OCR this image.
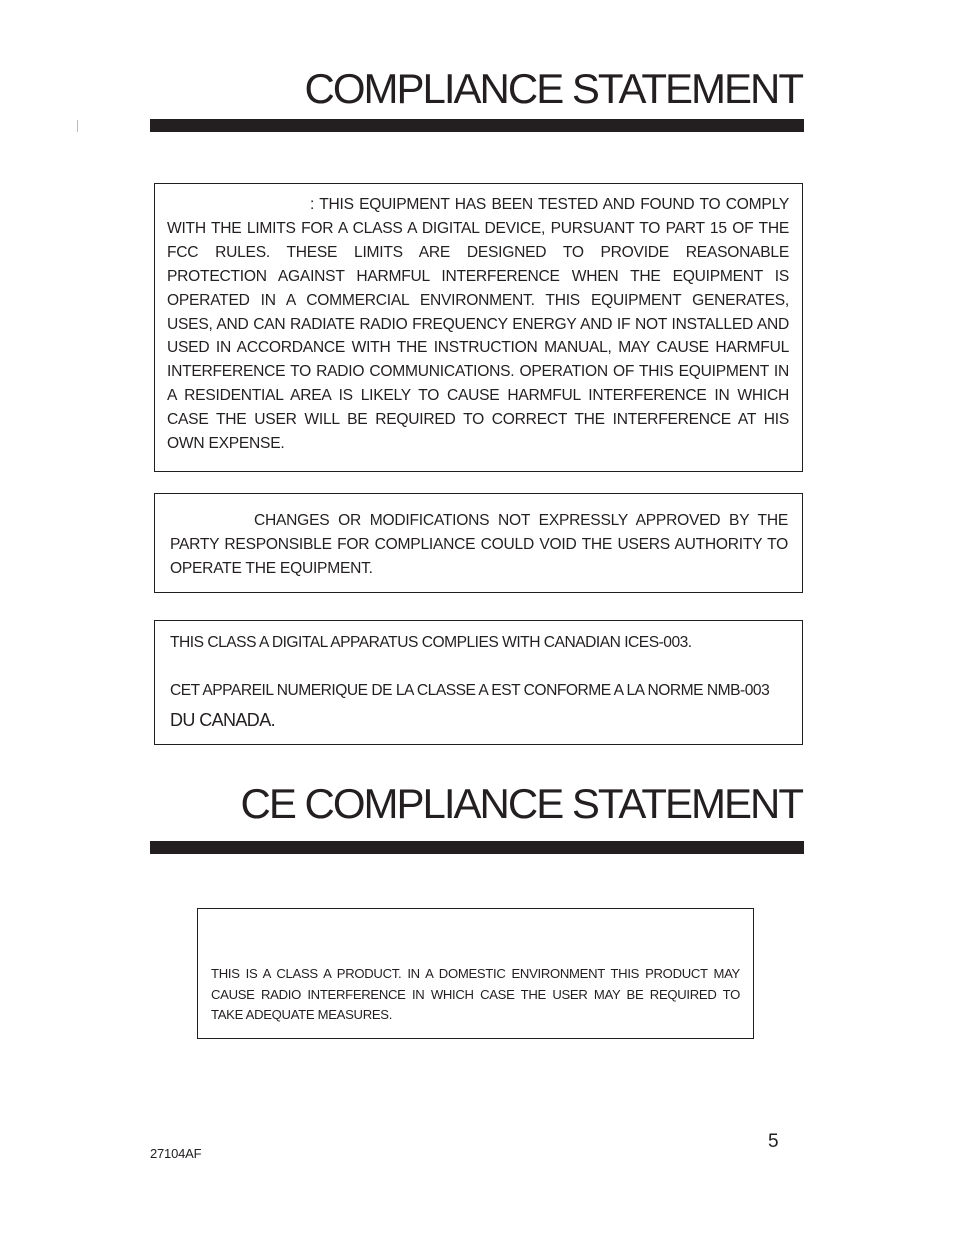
COMPLIANCE STATEMENT

: THIS EQUIPMENT HAS BEEN TESTED AND FOUND TO COMPLY WITH THE LIMITS FOR A CLASS A DIGITAL DEVICE, PURSUANT TO PART 15 OF THE FCC RULES. THESE LIMITS ARE DESIGNED TO PROVIDE REASONABLE PROTECTION AGAINST HARMFUL INTERFERENCE WHEN THE EQUIPMENT IS OPERATED IN A COMMERCIAL ENVIRONMENT. THIS EQUIPMENT GENERATES, USES, AND CAN RADIATE RADIO FREQUENCY ENERGY AND IF NOT INSTALLED AND USED IN ACCORDANCE WITH THE INSTRUCTION MANUAL, MAY CAUSE HARMFUL INTERFERENCE TO RADIO COMMUNICATIONS. OPERATION OF THIS EQUIPMENT IN A RESIDENTIAL AREA IS LIKELY TO CAUSE HARMFUL INTERFERENCE IN WHICH CASE THE USER WILL BE REQUIRED TO CORRECT THE INTERFERENCE AT HIS OWN EXPENSE.

CHANGES OR MODIFICATIONS NOT EXPRESSLY APPROVED BY THE PARTY RESPONSIBLE FOR COMPLIANCE COULD VOID THE USERS AUTHORITY TO OPERATE THE EQUIPMENT.

THIS CLASS A DIGITAL APPARATUS COMPLIES WITH CANADIAN ICES-003.

CET APPAREIL NUMERIQUE DE LA CLASSE A EST CONFORME A LA NORME NMB-003

DU CANADA.

CE COMPLIANCE STATEMENT

THIS IS A CLASS A PRODUCT. IN A DOMESTIC ENVIRONMENT THIS PRODUCT MAY CAUSE RADIO INTERFERENCE IN WHICH CASE THE USER MAY BE REQUIRED TO TAKE ADEQUATE MEASURES.

5
27104AF
